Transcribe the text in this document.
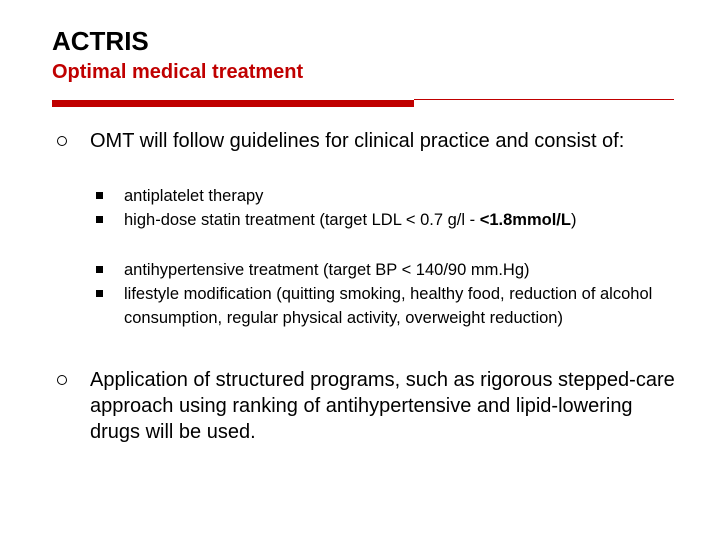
ACTRIS
Optimal medical treatment
OMT will follow guidelines for clinical practice and consist of:
antiplatelet therapy
high-dose statin treatment (target LDL < 0.7 g/l - <1.8mmol/L)
antihypertensive treatment (target BP < 140/90 mm.Hg)
lifestyle modification (quitting smoking, healthy food, reduction of alcohol consumption, regular physical activity, overweight reduction)
Application of structured programs, such as rigorous stepped-care approach using ranking of antihypertensive and lipid-lowering drugs will be used.
